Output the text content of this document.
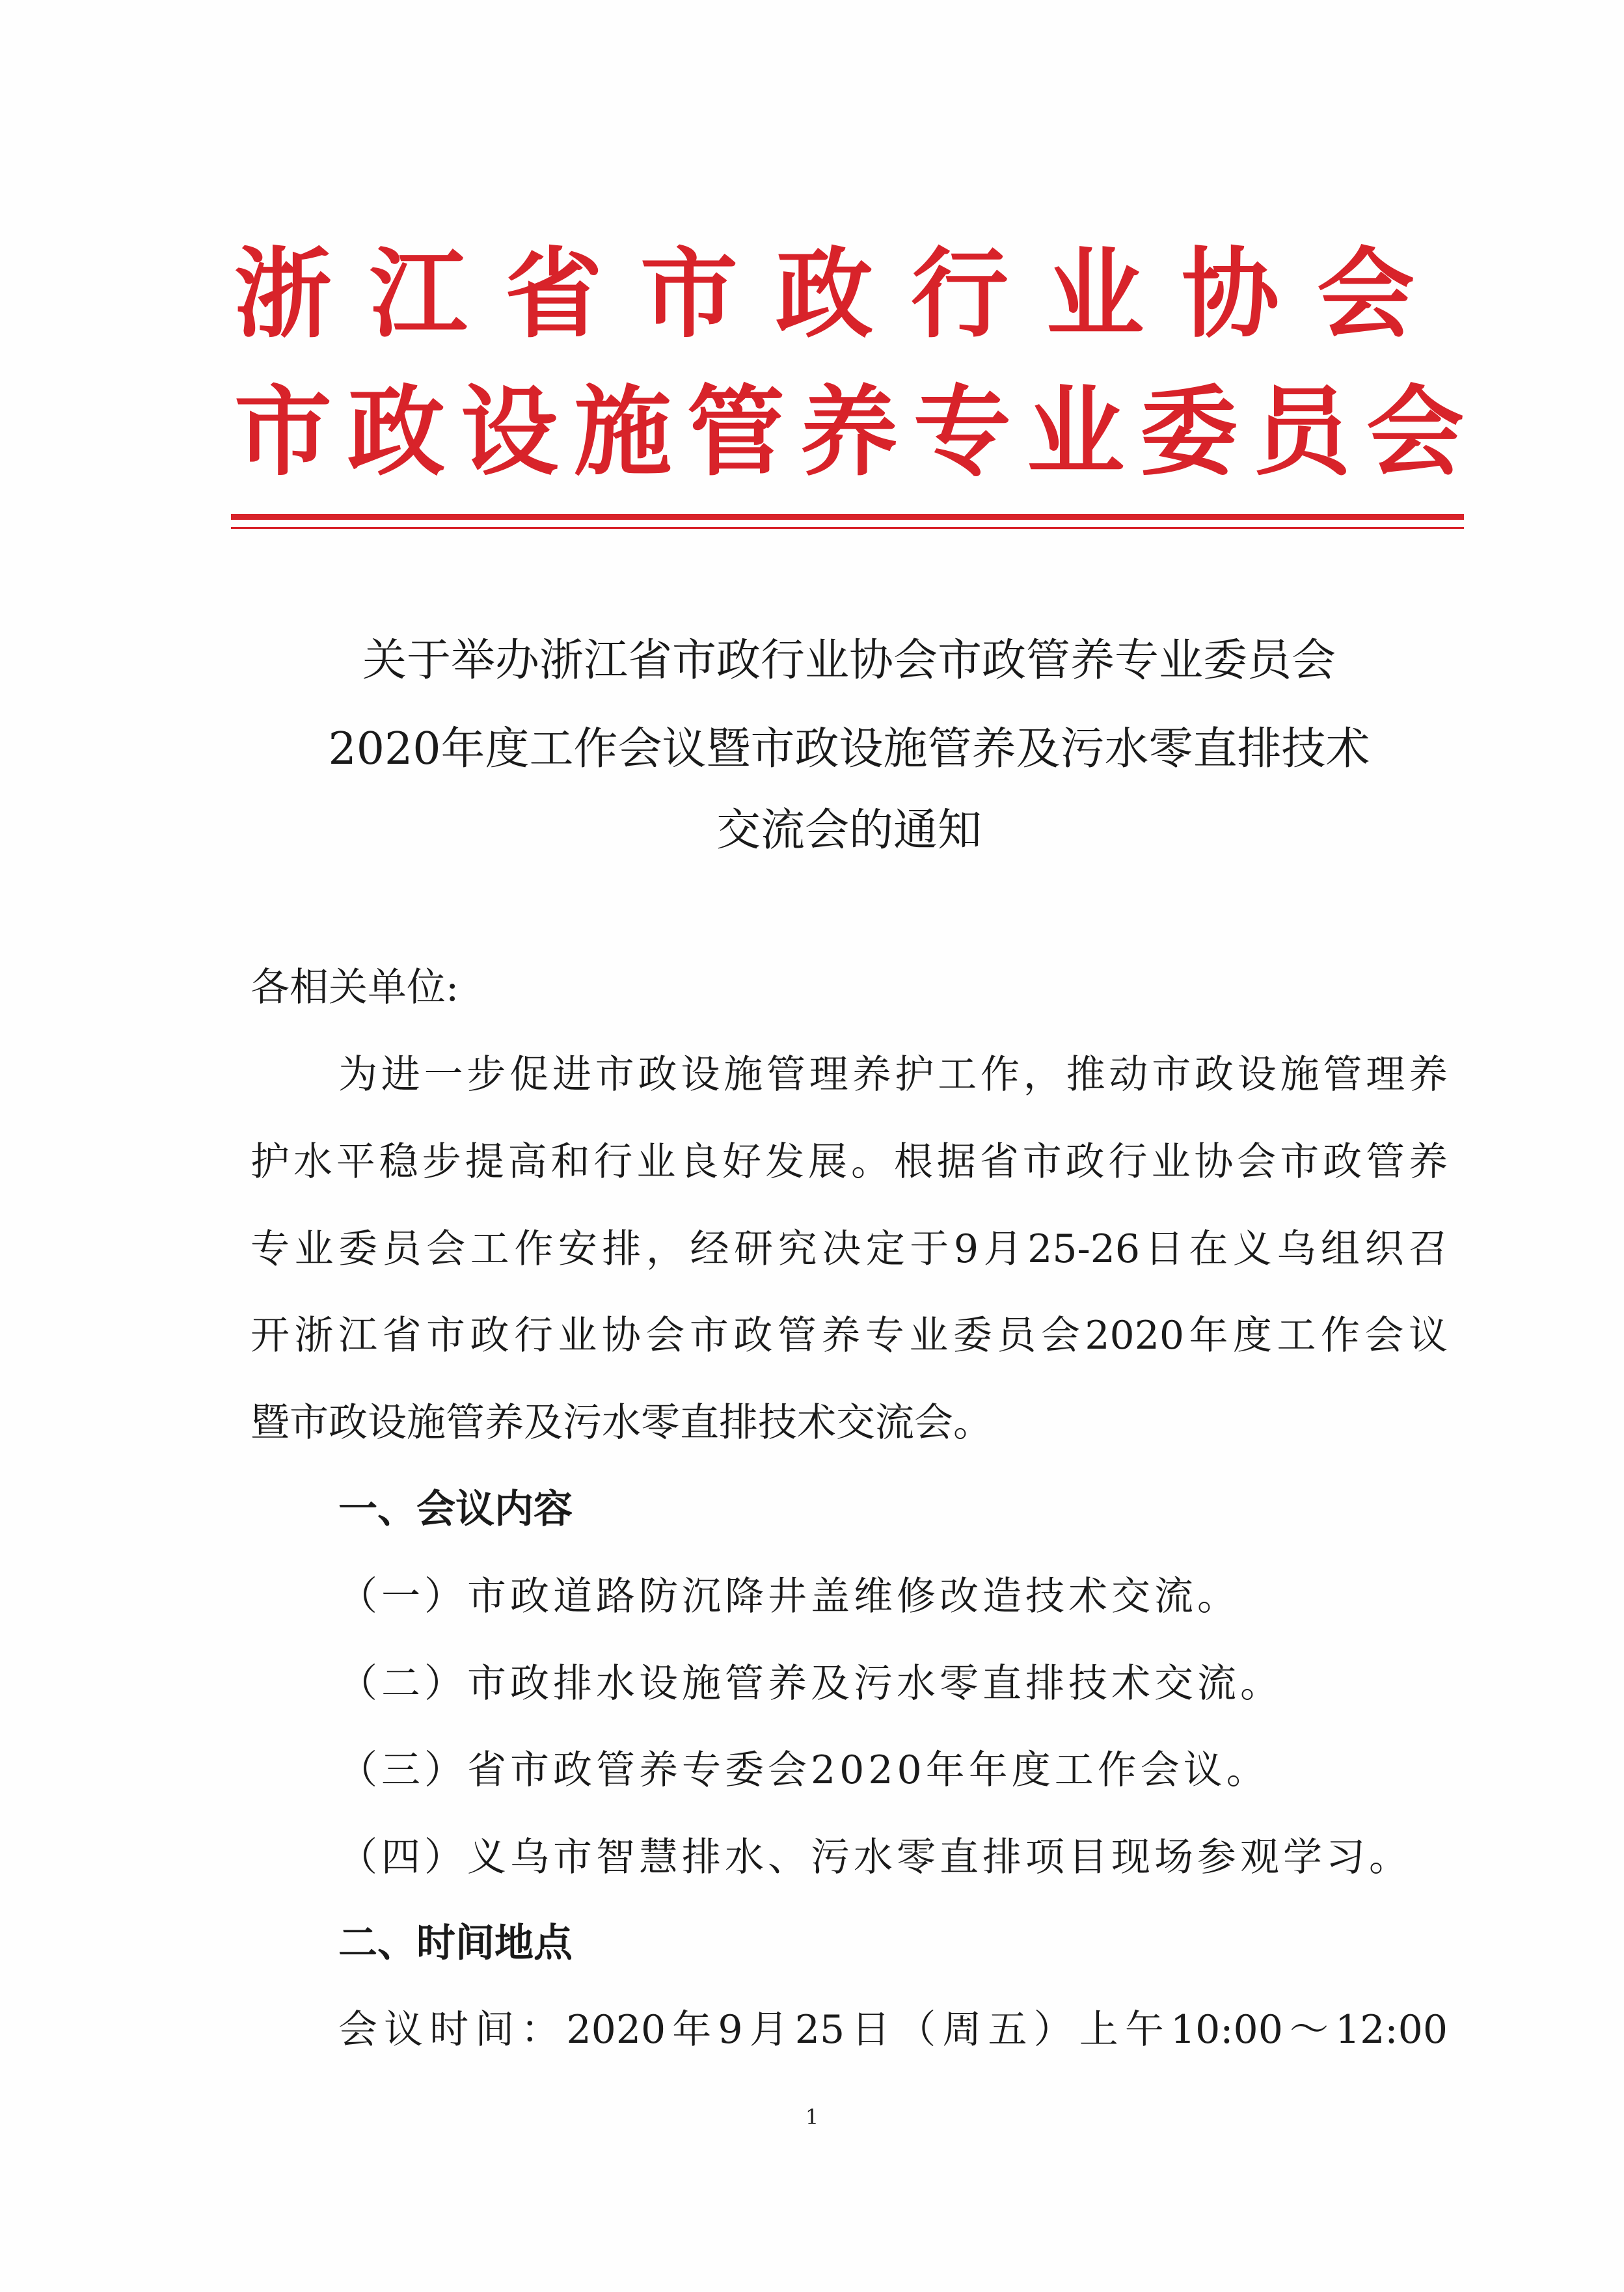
浙江省市政行业协会
市政设施管养专业委员会
关于举办浙江省市政行业协会市政管养专业委员会
2020年度工作会议暨市政设施管养及污水零直排技术
交流会的通知
各相关单位:
为进一步促进市政设施管理养护工作，推动市政设施管理养
护水平稳步提高和行业良好发展。根据省市政行业协会市政管养
专业委员会工作安排，经研究决定于9月25-26日在义乌组织召
开浙江省市政行业协会市政管养专业委员会2020年度工作会议
暨市政设施管养及污水零直排技术交流会。
一、会议内容
（一）市政道路防沉降井盖维修改造技术交流。
（二）市政排水设施管养及污水零直排技术交流。
（三）省市政管养专委会2020年年度工作会议。
（四）义乌市智慧排水、污水零直排项目现场参观学习。
二、时间地点
会议时间：2020年9月25日（周五）上午10:00～12:00
1
